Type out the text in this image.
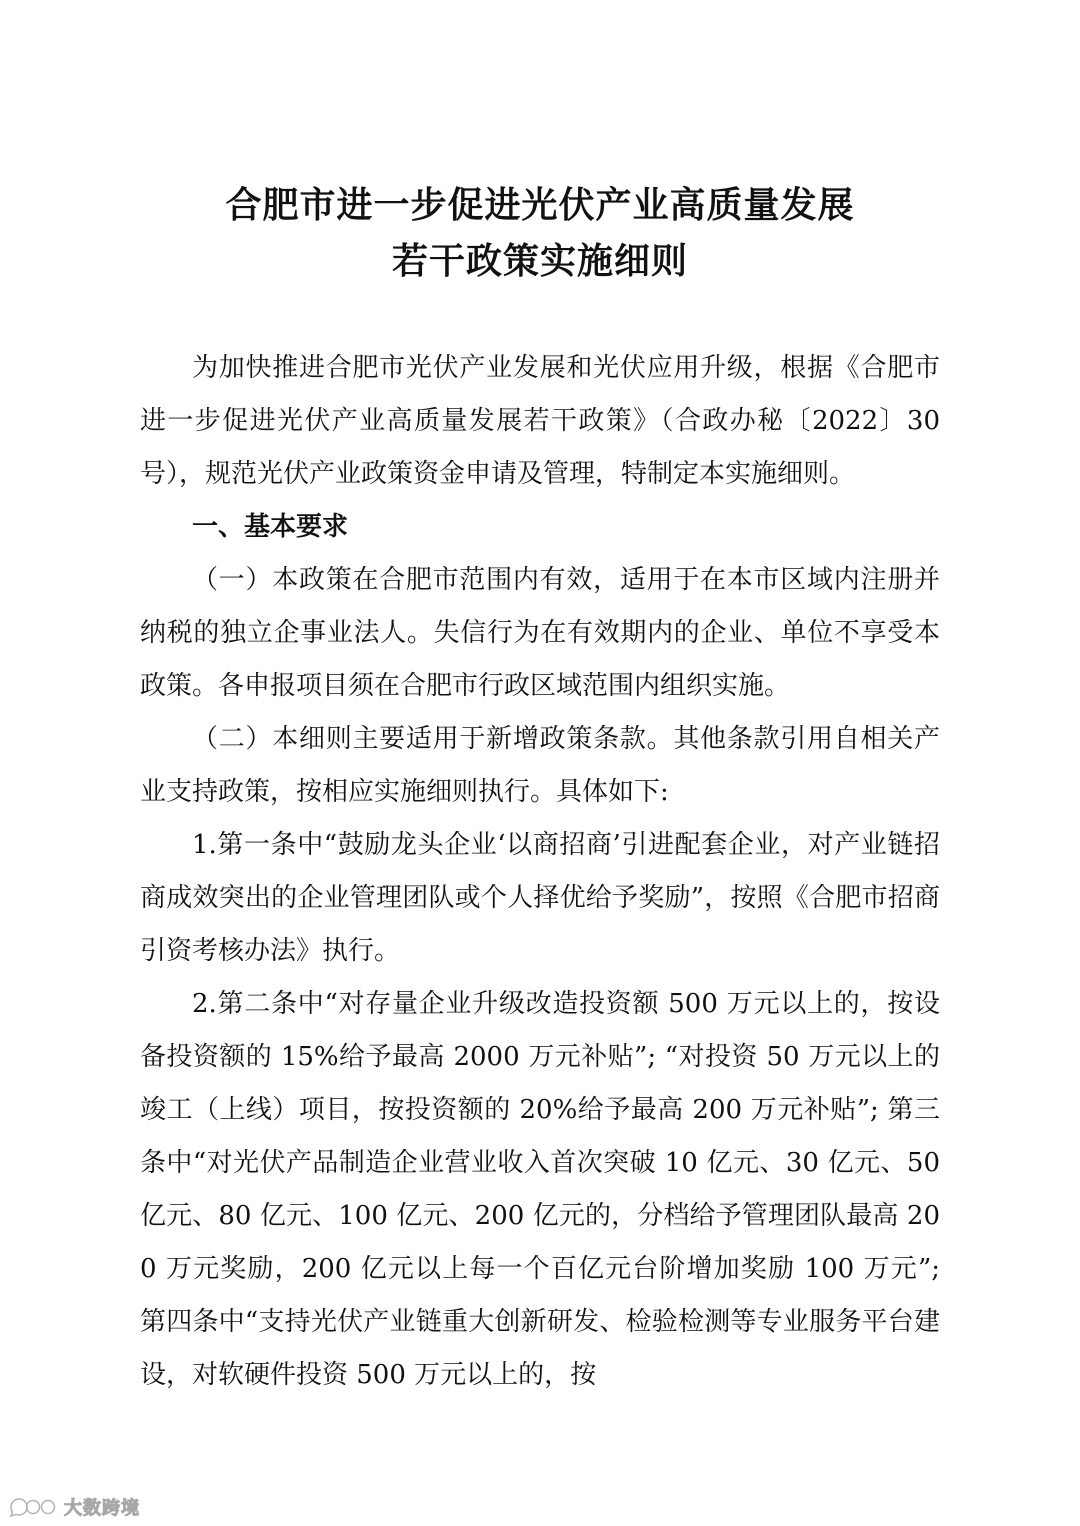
合肥市进一步促进光伏产业高质量发展
若干政策实施细则

为加快推进合肥市光伏产业发展和光伏应用升级，根据《合肥市进一步促进光伏产业高质量发展若干政策》（合政办秘〔2022〕30号），规范光伏产业政策资金申请及管理，特制定本实施细则。

一、基本要求

（一）本政策在合肥市范围内有效，适用于在本市区域内注册并纳税的独立企事业法人。失信行为在有效期内的企业、单位不享受本政策。各申报项目须在合肥市行政区域范围内组织实施。

（二）本细则主要适用于新增政策条款。其他条款引用自相关产业支持政策，按相应实施细则执行。具体如下:

1.第一条中“鼓励龙头企业‘以商招商’引进配套企业，对产业链招商成效突出的企业管理团队或个人择优给予奖励”，按照《合肥市招商引资考核办法》执行。

2.第二条中“对存量企业升级改造投资额 500 万元以上的，按设备投资额的 15%给予最高 2000 万元补贴”; “对投资 50 万元以上的竣工（上线）项目，按投资额的 20%给予最高 200 万元补贴”; 第三条中“对光伏产品制造企业营业收入首次突破 10 亿元、30 亿元、50 亿元、80 亿元、100 亿元、200 亿元的，分档给予管理团队最高 200 万元奖励，200 亿元以上每一个百亿元台阶增加奖励 100 万元”; 第四条中“支持光伏产业链重大创新研发、检验检测等专业服务平台建设，对软硬件投资 500 万元以上的，按

大数跨境
